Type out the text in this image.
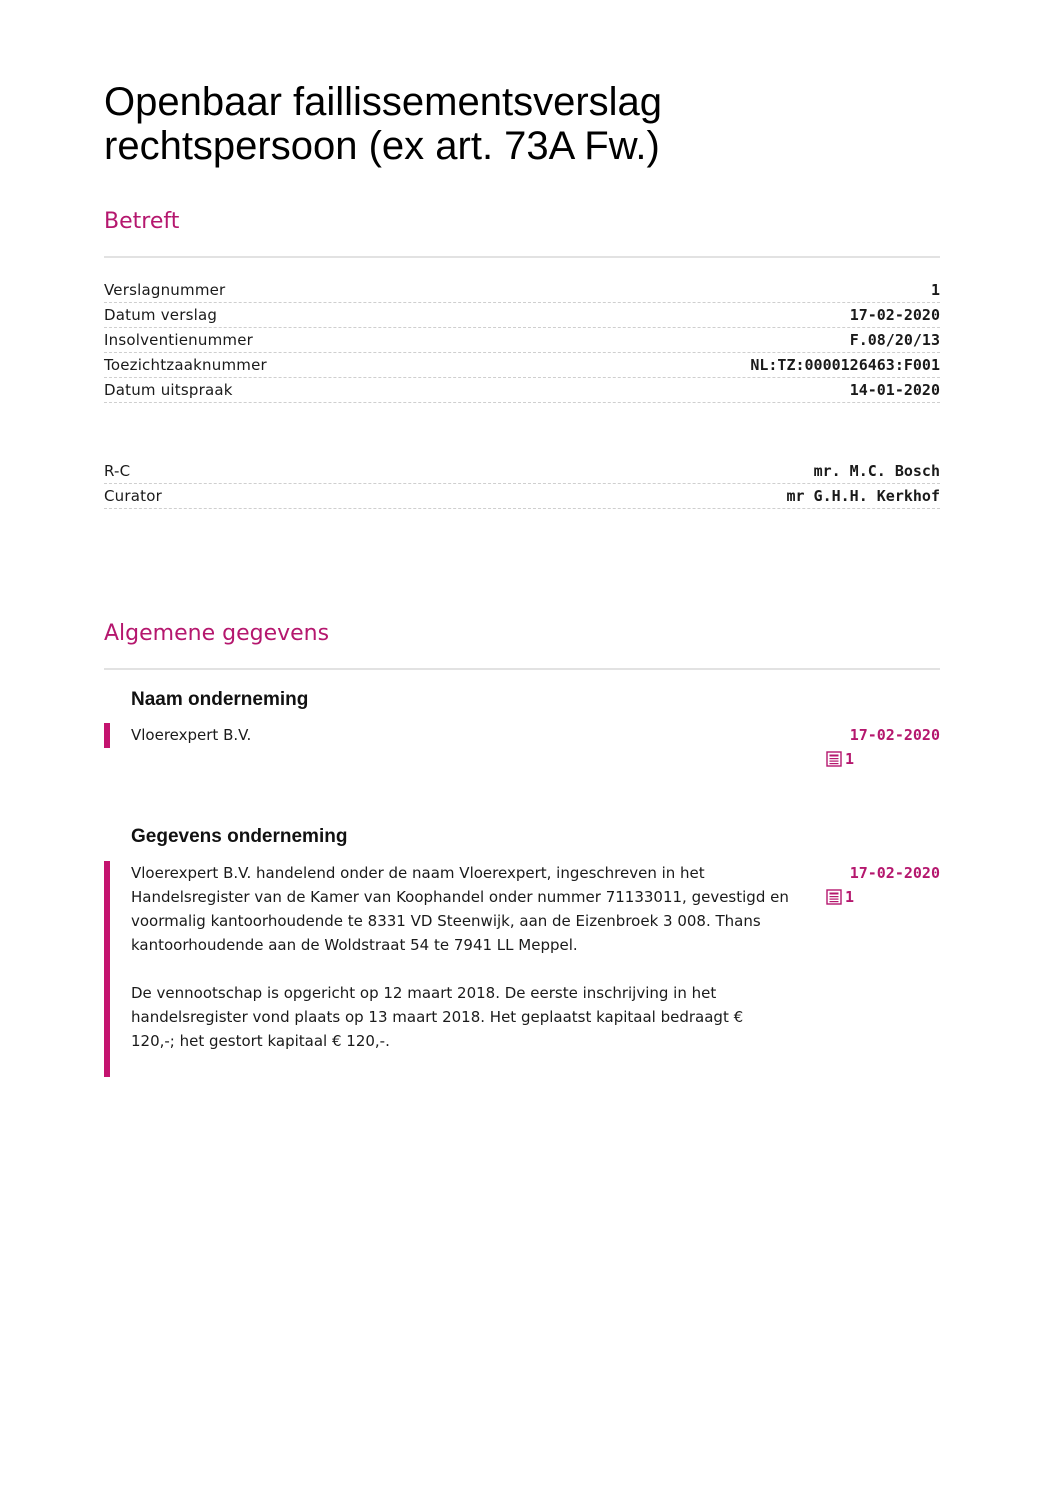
Openbaar faillissementsverslag
rechtspersoon (ex art. 73A Fw.)
Betreft
Verslagnummer	1
Datum verslag	17-02-2020
Insolventienummer	F.08/20/13
Toezichtzaaknummer	NL:TZ:0000126463:F001
Datum uitspraak	14-01-2020
R-C	mr. M.C. Bosch
Curator	mr G.H.H. Kerkhof
Algemene gegevens
Naam onderneming

Vloerexpert B.V.	17-02-2020
1
Gegevens onderneming

Vloerexpert B.V. handelend onder de naam Vloerexpert, ingeschreven in het Handelsregister van de Kamer van Koophandel onder nummer 71133011, gevestigd en voormalig kantoorhoudende te 8331 VD Steenwijk, aan de Eizenbroek 3 008. Thans kantoorhoudende aan de Woldstraat 54 te 7941 LL Meppel.

De vennootschap is opgericht op 12 maart 2018. De eerste inschrijving in het handelsregister vond plaats op 13 maart 2018. Het geplaatst kapitaal bedraagt € 120,-; het gestort kapitaal € 120,-.

17-02-2020
1
